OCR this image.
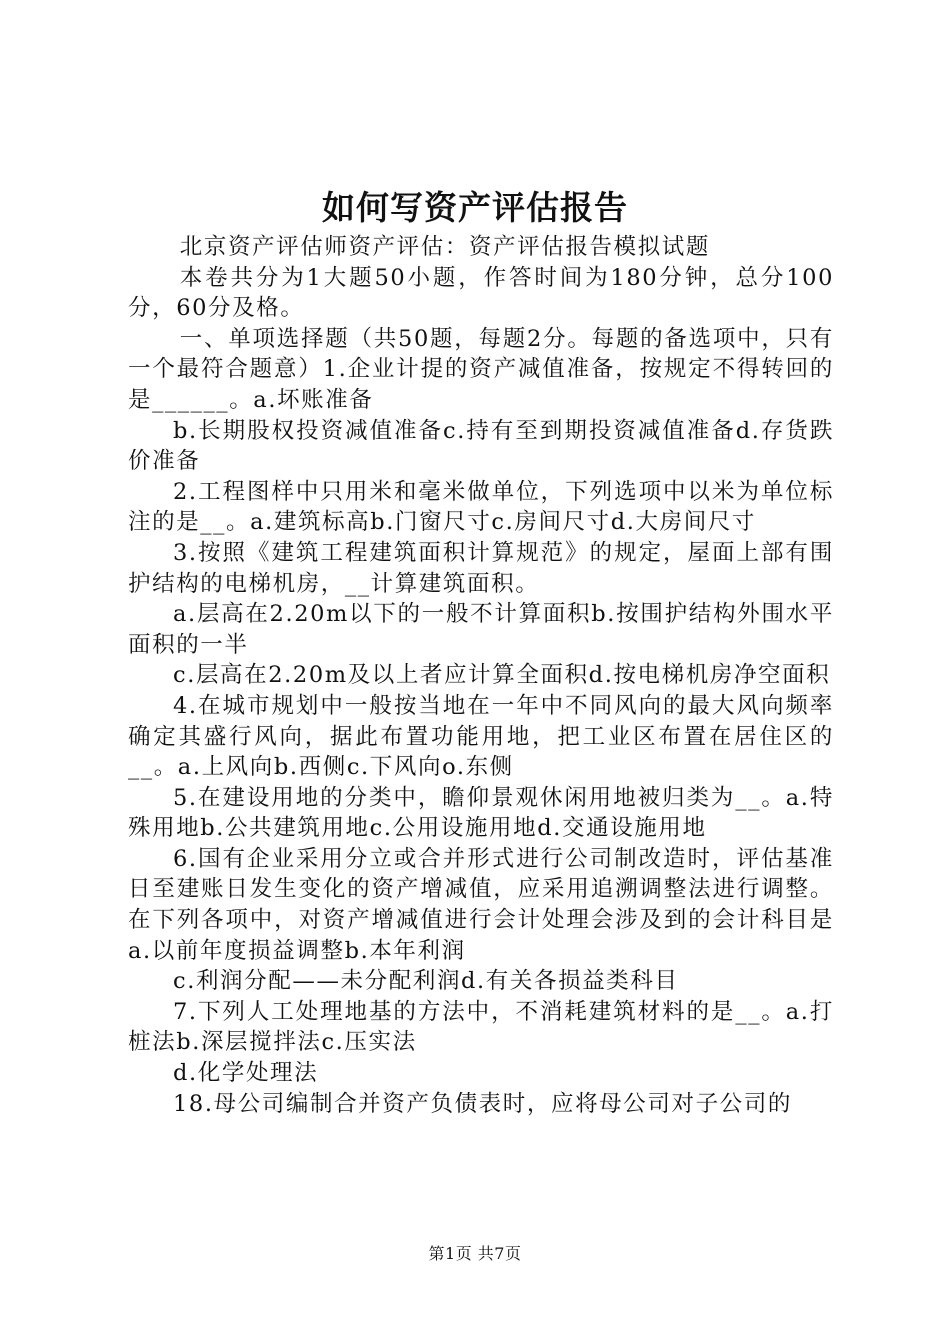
如何写资产评估报告

北京资产评估师资产评估：资产评估报告模拟试题

本卷共分为1大题50小题，作答时间为180分钟，总分100分，60分及格。

一、单项选择题（共50题，每题2分。每题的备选项中，只有一个最符合题意）1.企业计提的资产减值准备，按规定不得转回的是______。a.坏账准备

b.长期股权投资减值准备c.持有至到期投资减值准备d.存货跌价准备

2.工程图样中只用米和毫米做单位，下列选项中以米为单位标注的是__。a.建筑标高b.门窗尺寸c.房间尺寸d.大房间尺寸

3.按照《建筑工程建筑面积计算规范》的规定，屋面上部有围护结构的电梯机房，__计算建筑面积。

a.层高在2.20m以下的一般不计算面积b.按围护结构外围水平面积的一半

c.层高在2.20m及以上者应计算全面积d.按电梯机房净空面积

4.在城市规划中一般按当地在一年中不同风向的最大风向频率确定其盛行风向，据此布置功能用地，把工业区布置在居住区的__。a.上风向b.西侧c.下风向o.东侧

5.在建设用地的分类中，瞻仰景观休闲用地被归类为__。a.特殊用地b.公共建筑用地c.公用设施用地d.交通设施用地

6.国有企业采用分立或合并形式进行公司制改造时，评估基准日至建账日发生变化的资产增减值，应采用追溯调整法进行调整。在下列各项中，对资产增减值进行会计处理会涉及到的会计科目是a.以前年度损益调整b.本年利润

c.利润分配——未分配利润d.有关各损益类科目

7.下列人工处理地基的方法中，不消耗建筑材料的是__。a.打桩法b.深层搅拌法c.压实法

d.化学处理法

18.母公司编制合并资产负债表时，应将母公司对子公司的

第1页 共7页
